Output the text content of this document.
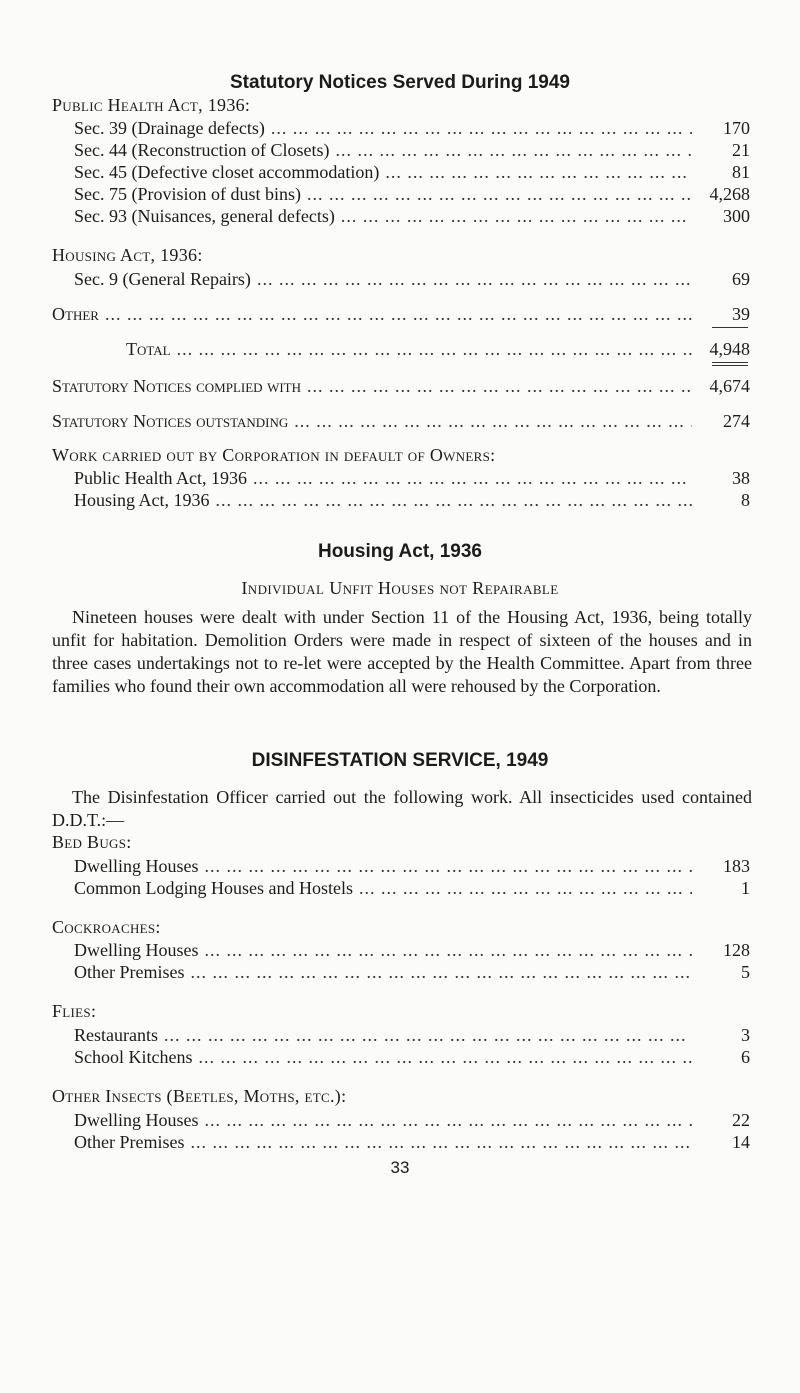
Statutory Notices Served During 1949
Public Health Act, 1936:
Sec. 39 (Drainage defects) ... .	170
Sec. 44 (Reconstruction of Closets) ... .	21
Sec. 45 (Defective closet accommodation) ... .	81
Sec. 75 (Provision of dust bins) ... .	4,268
Sec. 93 (Nuisances, general defects) ... .	300
Housing Act, 1936:
Sec. 9 (General Repairs) ... .	69
Other ... .	39
Total ... .	4,948
Statutory Notices complied with ... .	4,674
Statutory Notices outstanding ... .	274
Work carried out by Corporation in default of Owners:
Public Health Act, 1936 ... .	38
Housing Act, 1936 ... .	8
Housing Act, 1936
Individual Unfit Houses not Repairable
Nineteen houses were dealt with under Section 11 of the Housing Act, 1936, being totally unfit for habitation. Demolition Orders were made in respect of sixteen of the houses and in three cases undertakings not to re-let were accepted by the Health Committee. Apart from three families who found their own accommodation all were rehoused by the Corporation.
DISINFESTATION SERVICE, 1949
The Disinfestation Officer carried out the following work. All insecticides used contained D.D.T.:—
Bed Bugs:
Dwelling Houses ... .	183
Common Lodging Houses and Hostels ... .	1
Cockroaches:
Dwelling Houses ... .	128
Other Premises ... .	5
Flies:
Restaurants ... .	3
School Kitchens ... .	6
Other Insects (Beetles, Moths, etc.):
Dwelling Houses ... .	22
Other Premises ... .	14
33
